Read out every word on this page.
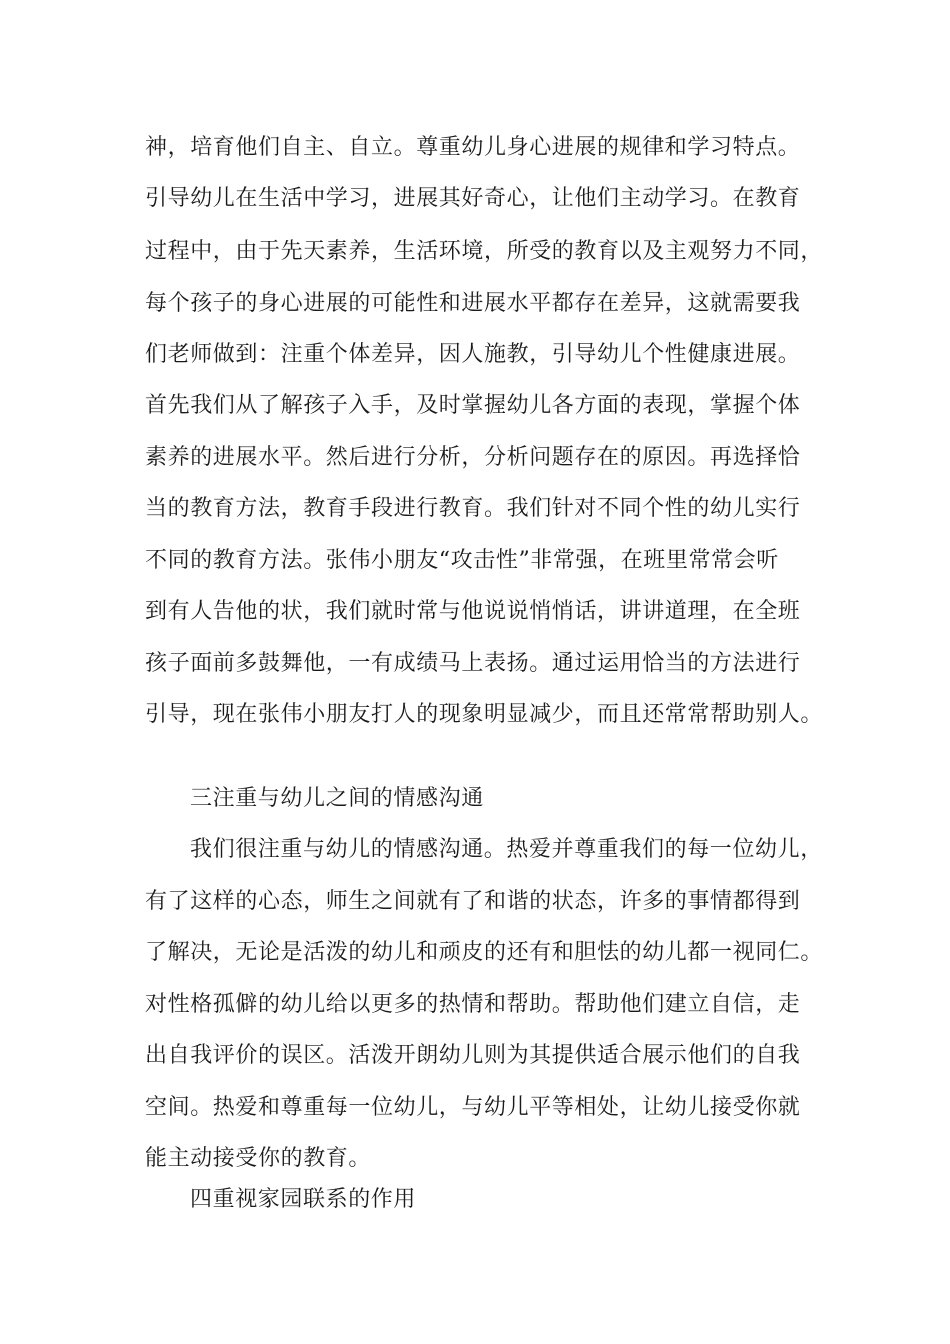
神，培育他们自主、自立。尊重幼儿身心进展的规律和学习特点。
引导幼儿在生活中学习，进展其好奇心，让他们主动学习。在教育
过程中，由于先天素养，生活环境，所受的教育以及主观努力不同，
每个孩子的身心进展的可能性和进展水平都存在差异，这就需要我
们老师做到：注重个体差异，因人施教，引导幼儿个性健康进展。
首先我们从了解孩子入手，及时掌握幼儿各方面的表现，掌握个体
素养的进展水平。然后进行分析，分析问题存在的原因。再选择恰
当的教育方法，教育手段进行教育。我们针对不同个性的幼儿实行
不同的教育方法。张伟小朋友“攻击性”非常强，在班里常常会听
到有人告他的状，我们就时常与他说说悄悄话，讲讲道理，在全班
孩子面前多鼓舞他，一有成绩马上表扬。通过运用恰当的方法进行
引导，现在张伟小朋友打人的现象明显减少，而且还常常帮助别人。
三注重与幼儿之间的情感沟通
我们很注重与幼儿的情感沟通。热爱并尊重我们的每一位幼儿，
有了这样的心态，师生之间就有了和谐的状态，许多的事情都得到
了解决，无论是活泼的幼儿和顽皮的还有和胆怯的幼儿都一视同仁。
对性格孤僻的幼儿给以更多的热情和帮助。帮助他们建立自信，走
出自我评价的误区。活泼开朗幼儿则为其提供适合展示他们的自我
空间。热爱和尊重每一位幼儿，与幼儿平等相处，让幼儿接受你就
能主动接受你的教育。
四重视家园联系的作用
